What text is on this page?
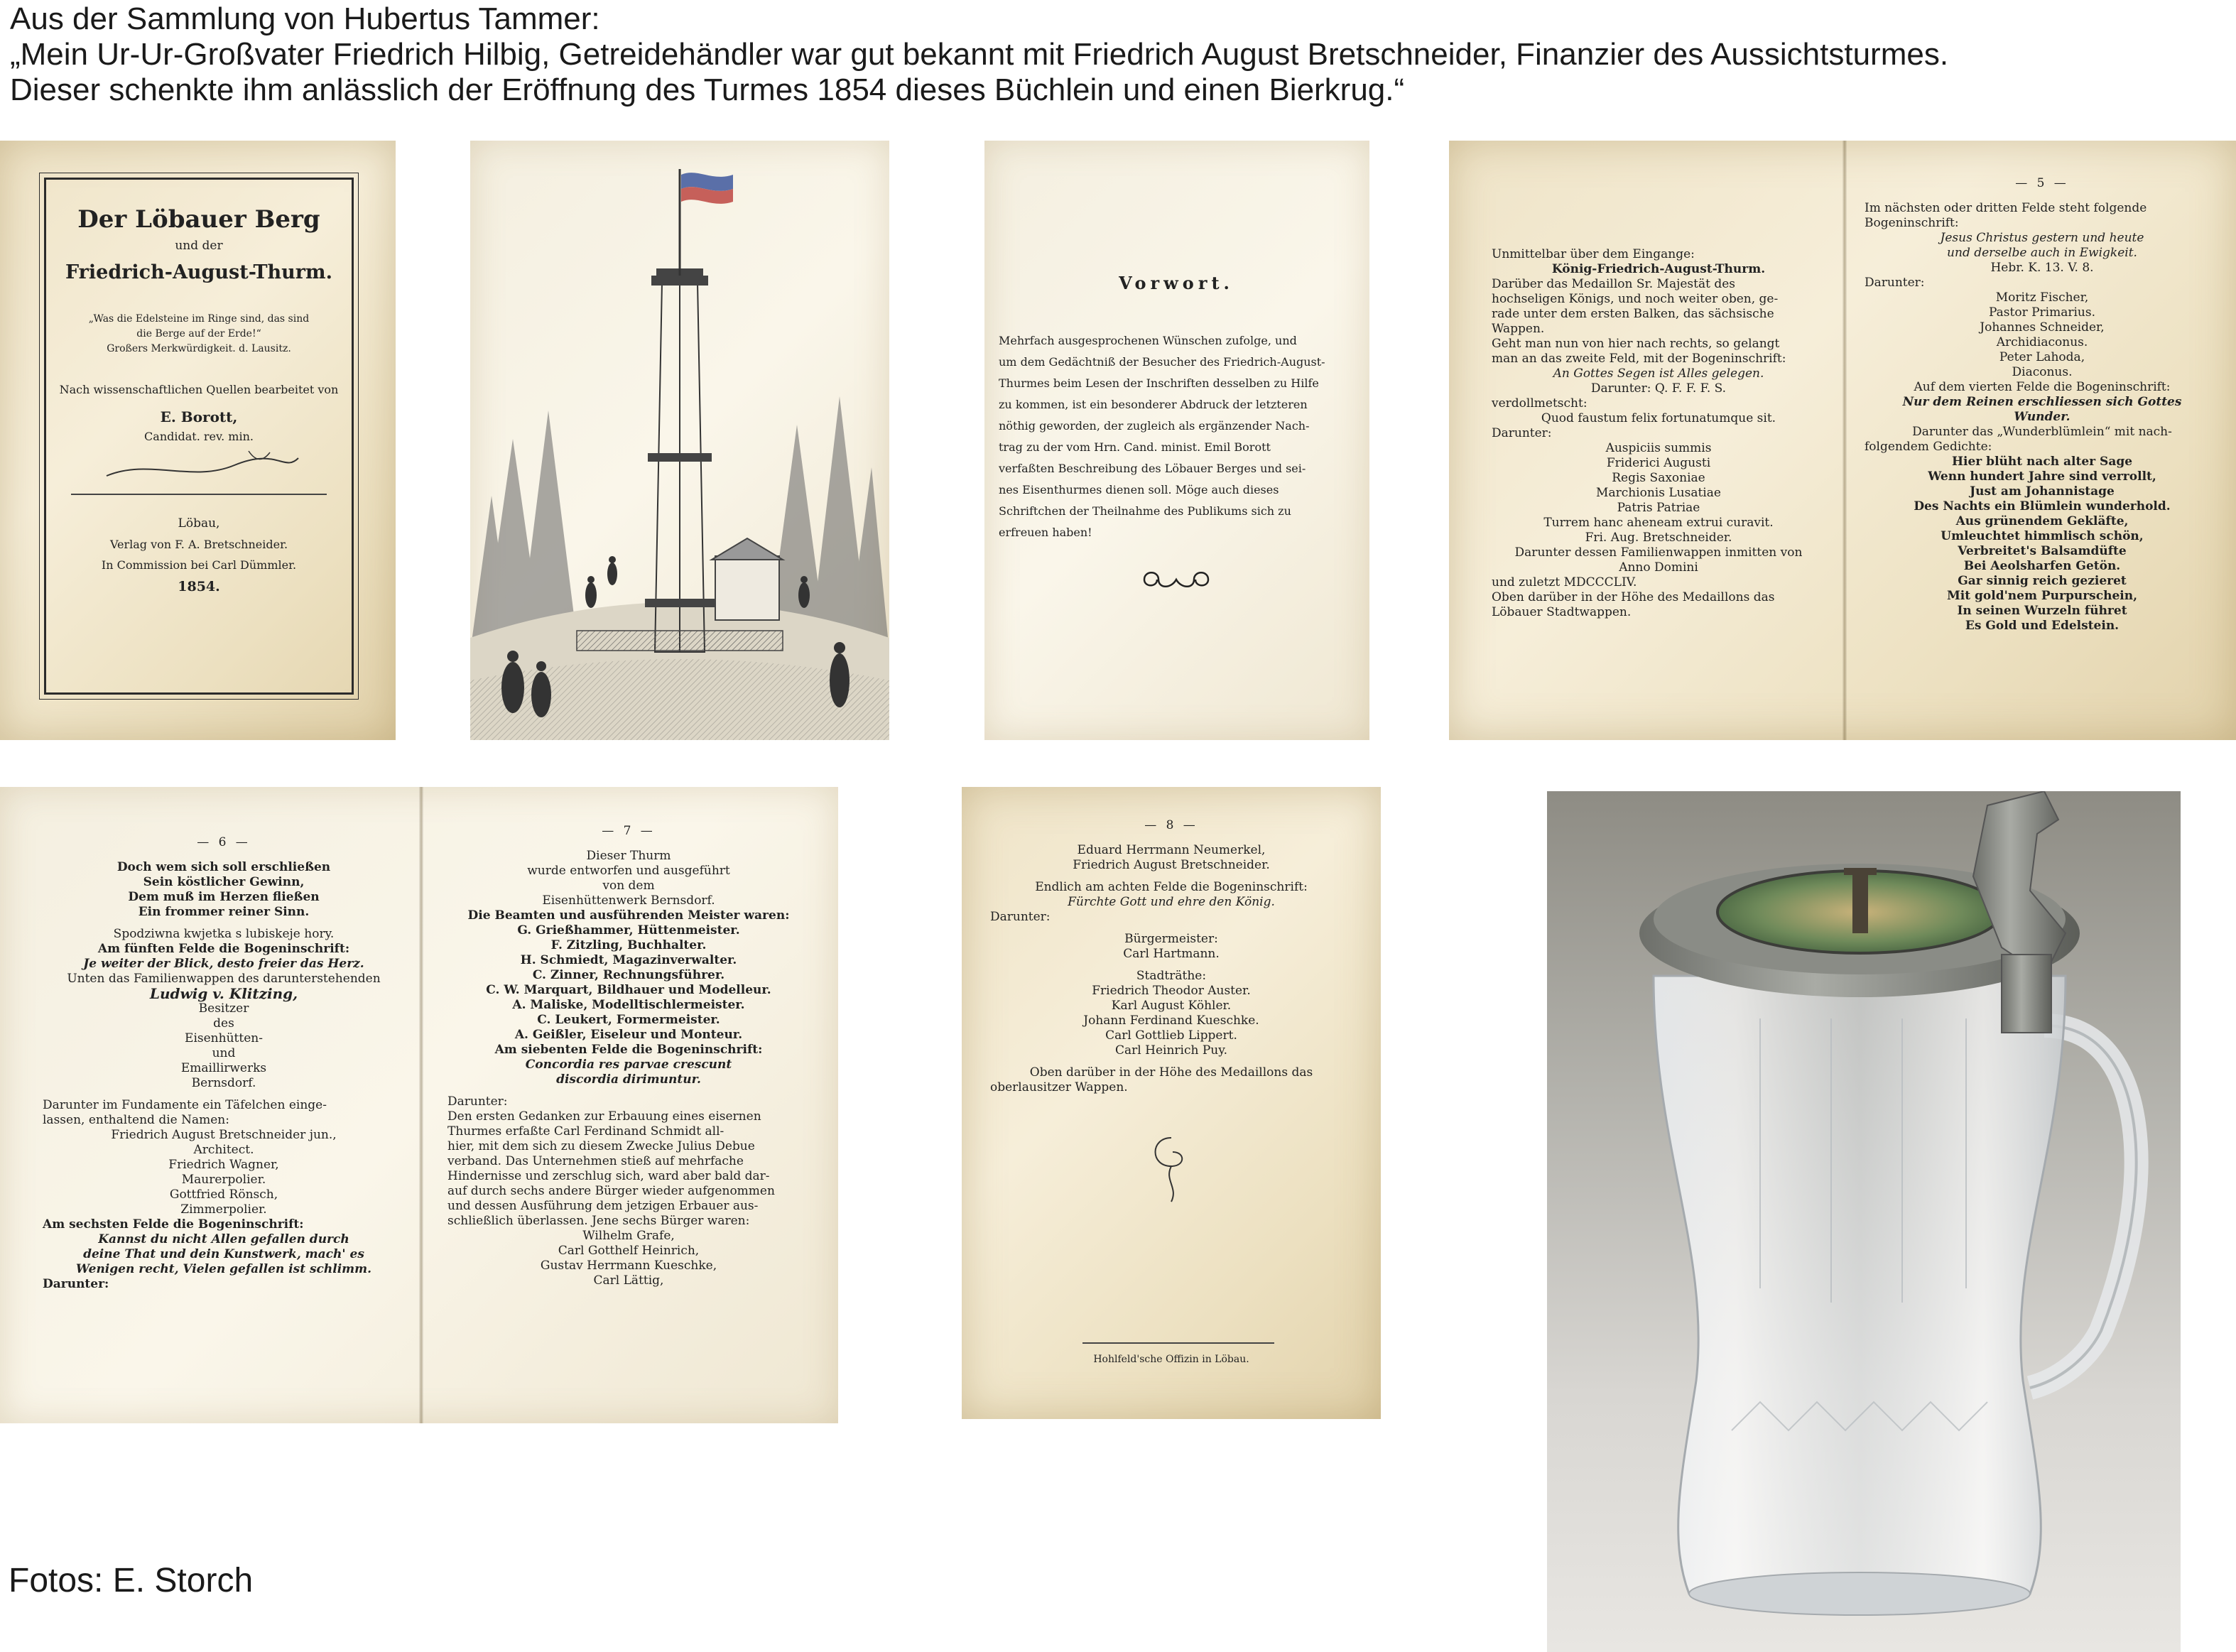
Aus der Sammlung von Hubertus Tammer:
„Mein Ur-Ur-Großvater Friedrich Hilbig, Getreidehändler war gut bekannt mit Friedrich August Bretschneider, Finanzier des Aussichtsturmes.
Dieser schenkte ihm anlässlich der Eröffnung des Turmes 1854 dieses Büchlein und einen Bierkrug.“
Der Löbauer Berg
und der
Friedrich-August-Thurm.
„Was die Edelsteine im Ringe sind, das sind
die Berge auf der Erde!“
Großers Merkwürdigkeit. d. Lausitz.
Nach wissenschaftlichen Quellen bearbeitet von
E. Borott,
Candidat. rev. min.
Löbau,
Verlag von F. A. Bretschneider.
In Commission bei Carl Dümmler.
1854.
Vorwort.
Mehrfach ausgesprochenen Wünschen zufolge, und
um dem Gedächtniß der Besucher des Friedrich-August-
Thurmes beim Lesen der Inschriften desselben zu Hilfe
zu kommen, ist ein besonderer Abdruck der letzteren
nöthig geworden, der zugleich als ergänzender Nach-
trag zu der vom Hrn. Cand. minist. Emil Borott
verfaßten Beschreibung des Löbauer Berges und sei-
nes Eisenthurmes dienen soll. Möge auch dieses
Schriftchen der Theilnahme des Publikums sich zu
erfreuen haben!
Unmittelbar über dem Eingange:
König-Friedrich-August-Thurm.
Darüber das Medaillon Sr. Majestät des
hochseligen Königs, und noch weiter oben, ge-
rade unter dem ersten Balken, das sächsische
Wappen.
Geht man nun von hier nach rechts, so gelangt
man an das zweite Feld, mit der Bogeninschrift:
An Gottes Segen ist Alles gelegen.
Darunter: Q. F. F. F. S.
verdollmetscht:
Quod faustum felix fortunatumque sit.
Darunter:
Auspiciis summis
Friderici Augusti
Regis Saxoniae
Marchionis Lusatiae
Patris Patriae
Turrem hanc aheneam extrui curavit.
Fri. Aug. Bretschneider.
Darunter dessen Familienwappen inmitten von
Anno Domini
und zuletzt MDCCCLIV.
Oben darüber in der Höhe des Medaillons das
Löbauer Stadtwappen.
— 5 —
Im nächsten oder dritten Felde steht folgende
Bogeninschrift:
Jesus Christus gestern und heute
und derselbe auch in Ewigkeit.
Hebr. K. 13. V. 8.
Darunter:
Moritz Fischer,
Pastor Primarius.
Johannes Schneider,
Archidiaconus.
Peter Lahoda,
Diaconus.
Auf dem vierten Felde die Bogeninschrift:
Nur dem Reinen erschliessen sich Gottes
Wunder.
Darunter das „Wunderblümlein“ mit nach-
folgendem Gedichte:
Hier blüht nach alter Sage
Wenn hundert Jahre sind verrollt,
Just am Johannistage
Des Nachts ein Blümlein wunderhold.
Aus grünendem Gekläfte,
Umleuchtet himmlisch schön,
Verbreitet's Balsamdüfte
Bei Aeolsharfen Getön.
Gar sinnig reich gezieret
Mit gold'nem Purpurschein,
In seinen Wurzeln führet
Es Gold und Edelstein.
— 6 —
Doch wem sich soll erschließen
Sein köstlicher Gewinn,
Dem muß im Herzen fließen
Ein frommer reiner Sinn.
Spodziwna kwjetka s lubiskeje hory.
Am fünften Felde die Bogeninschrift:
Je weiter der Blick, desto freier das Herz.
Unten das Familienwappen des darunterstehenden
Ludwig v. Klitzing,
Besitzer
des
Eisenhütten-
und
Emaillirwerks
Bernsdorf.
Darunter im Fundamente ein Täfelchen einge-
lassen, enthaltend die Namen:
Friedrich August Bretschneider jun.,
Architect.
Friedrich Wagner,
Maurerpolier.
Gottfried Rönsch,
Zimmerpolier.
Am sechsten Felde die Bogeninschrift:
Kannst du nicht Allen gefallen durch
deine That und dein Kunstwerk, mach' es
Wenigen recht, Vielen gefallen ist schlimm.
Darunter:
— 7 —
Dieser Thurm
wurde entworfen und ausgeführt
von dem
Eisenhüttenwerk Bernsdorf.
Die Beamten und ausführenden Meister waren:
G. Grießhammer, Hüttenmeister.
F. Zitzling, Buchhalter.
H. Schmiedt, Magazinverwalter.
C. Zinner, Rechnungsführer.
C. W. Marquart, Bildhauer und Modelleur.
A. Maliske, Modelltischlermeister.
C. Leukert, Formermeister.
A. Geißler, Eiseleur und Monteur.
Am siebenten Felde die Bogeninschrift:
Concordia res parvae crescunt
discordia dirimuntur.
Darunter:
Den ersten Gedanken zur Erbauung eines eisernen
Thurmes erfaßte Carl Ferdinand Schmidt all-
hier, mit dem sich zu diesem Zwecke Julius Debue
verband. Das Unternehmen stieß auf mehrfache
Hindernisse und zerschlug sich, ward aber bald dar-
auf durch sechs andere Bürger wieder aufgenommen
und dessen Ausführung dem jetzigen Erbauer aus-
schließlich überlassen. Jene sechs Bürger waren:
Wilhelm Grafe,
Carl Gotthelf Heinrich,
Gustav Herrmann Kueschke,
Carl Lättig,
— 8 —
Eduard Herrmann Neumerkel,
Friedrich August Bretschneider.
Endlich am achten Felde die Bogeninschrift:
Fürchte Gott und ehre den König.
Darunter:
Bürgermeister:
Carl Hartmann.
Stadträthe:
Friedrich Theodor Auster.
Karl August Köhler.
Johann Ferdinand Kueschke.
Carl Gottlieb Lippert.
Carl Heinrich Puy.
Oben darüber in der Höhe des Medaillons das
oberlausitzer Wappen.
Hohlfeld'sche Offizin in Löbau.
Fotos: E. Storch
